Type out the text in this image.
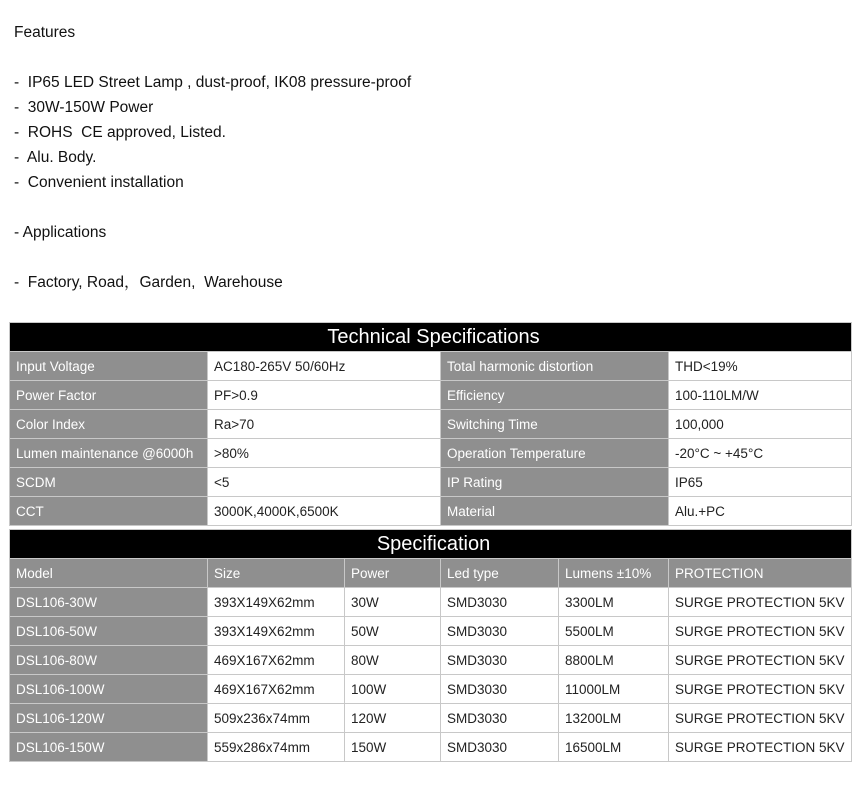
Features
-  IP65 LED Street Lamp , dust-proof, IK08 pressure-proof
-  30W-150W Power
-  ROHS  CE approved, Listed.
-  Alu. Body.
-  Convenient installation
- Applications
-  Factory, Road，Garden,  Warehouse
Technical Specifications			
Input Voltage	AC180-265V 50/60Hz	Total harmonic distortion	THD<19%
Power Factor	PF>0.9	Efficiency	100-110LM/W
Color Index	Ra>70	Switching Time	100,000
Lumen maintenance @6000h	>80%	Operation Temperature	-20°C ~ +45°C
SCDM	<5	IP Rating	IP65
CCT	3000K,4000K,6500K	Material	Alu.+PC
Specification					
Model	Size	Power	Led type	Lumens ±10%	PROTECTION
DSL106-30W	393X149X62mm	30W	SMD3030	3300LM	SURGE PROTECTION 5KV
DSL106-50W	393X149X62mm	50W	SMD3030	5500LM	SURGE PROTECTION 5KV
DSL106-80W	469X167X62mm	80W	SMD3030	8800LM	SURGE PROTECTION 5KV
DSL106-100W	469X167X62mm	100W	SMD3030	11000LM	SURGE PROTECTION 5KV
DSL106-120W	509x236x74mm	120W	SMD3030	13200LM	SURGE PROTECTION 5KV
DSL106-150W	559x286x74mm	150W	SMD3030	16500LM	SURGE PROTECTION 5KV
